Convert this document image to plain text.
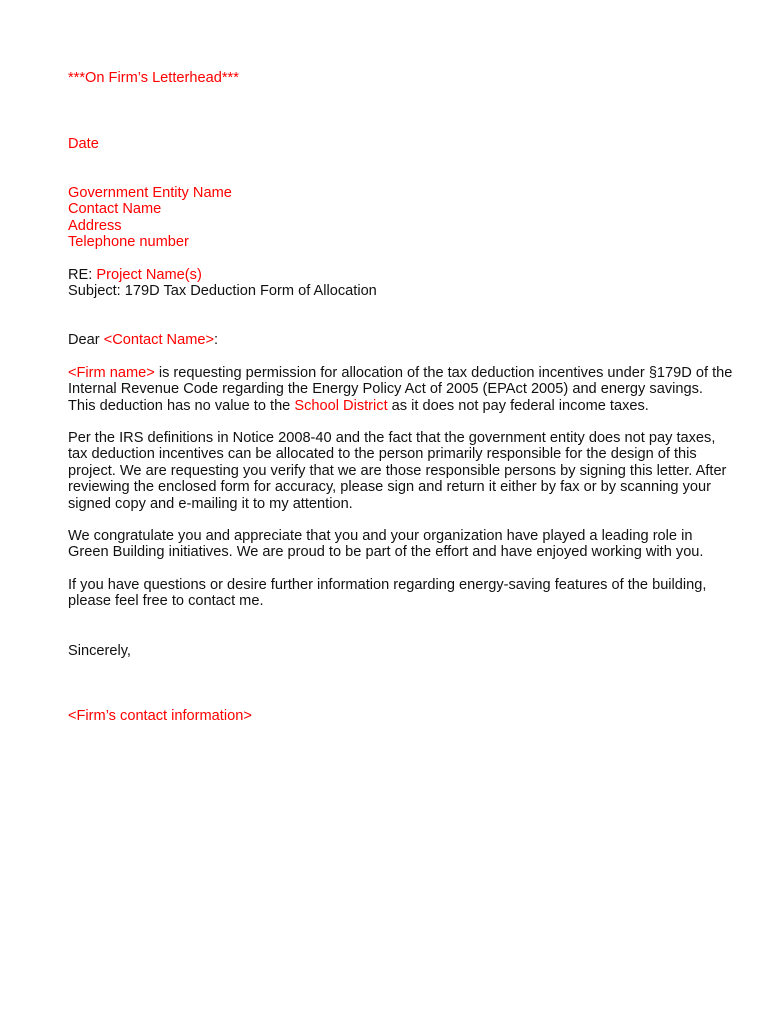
***On Firm’s Letterhead***
Date
Government Entity Name
Contact Name
Address
Telephone number
RE: Project Name(s)
Subject: 179D Tax Deduction Form of Allocation
Dear <Contact Name>:
<Firm name> is requesting permission for allocation of the tax deduction incentives under §179D of the
Internal Revenue Code regarding the Energy Policy Act of 2005 (EPAct 2005) and energy savings.
This deduction has no value to the School District as it does not pay federal income taxes.
Per the IRS definitions in Notice 2008-40 and the fact that the government entity does not pay taxes,
tax deduction incentives can be allocated to the person primarily responsible for the design of this
project. We are requesting you verify that we are those responsible persons by signing this letter. After
reviewing the enclosed form for accuracy, please sign and return it either by fax or by scanning your
signed copy and e-mailing it to my attention.
We congratulate you and appreciate that you and your organization have played a leading role in
Green Building initiatives. We are proud to be part of the effort and have enjoyed working with you.
If you have questions or desire further information regarding energy-saving features of the building,
please feel free to contact me.
Sincerely,
<Firm’s contact information>
